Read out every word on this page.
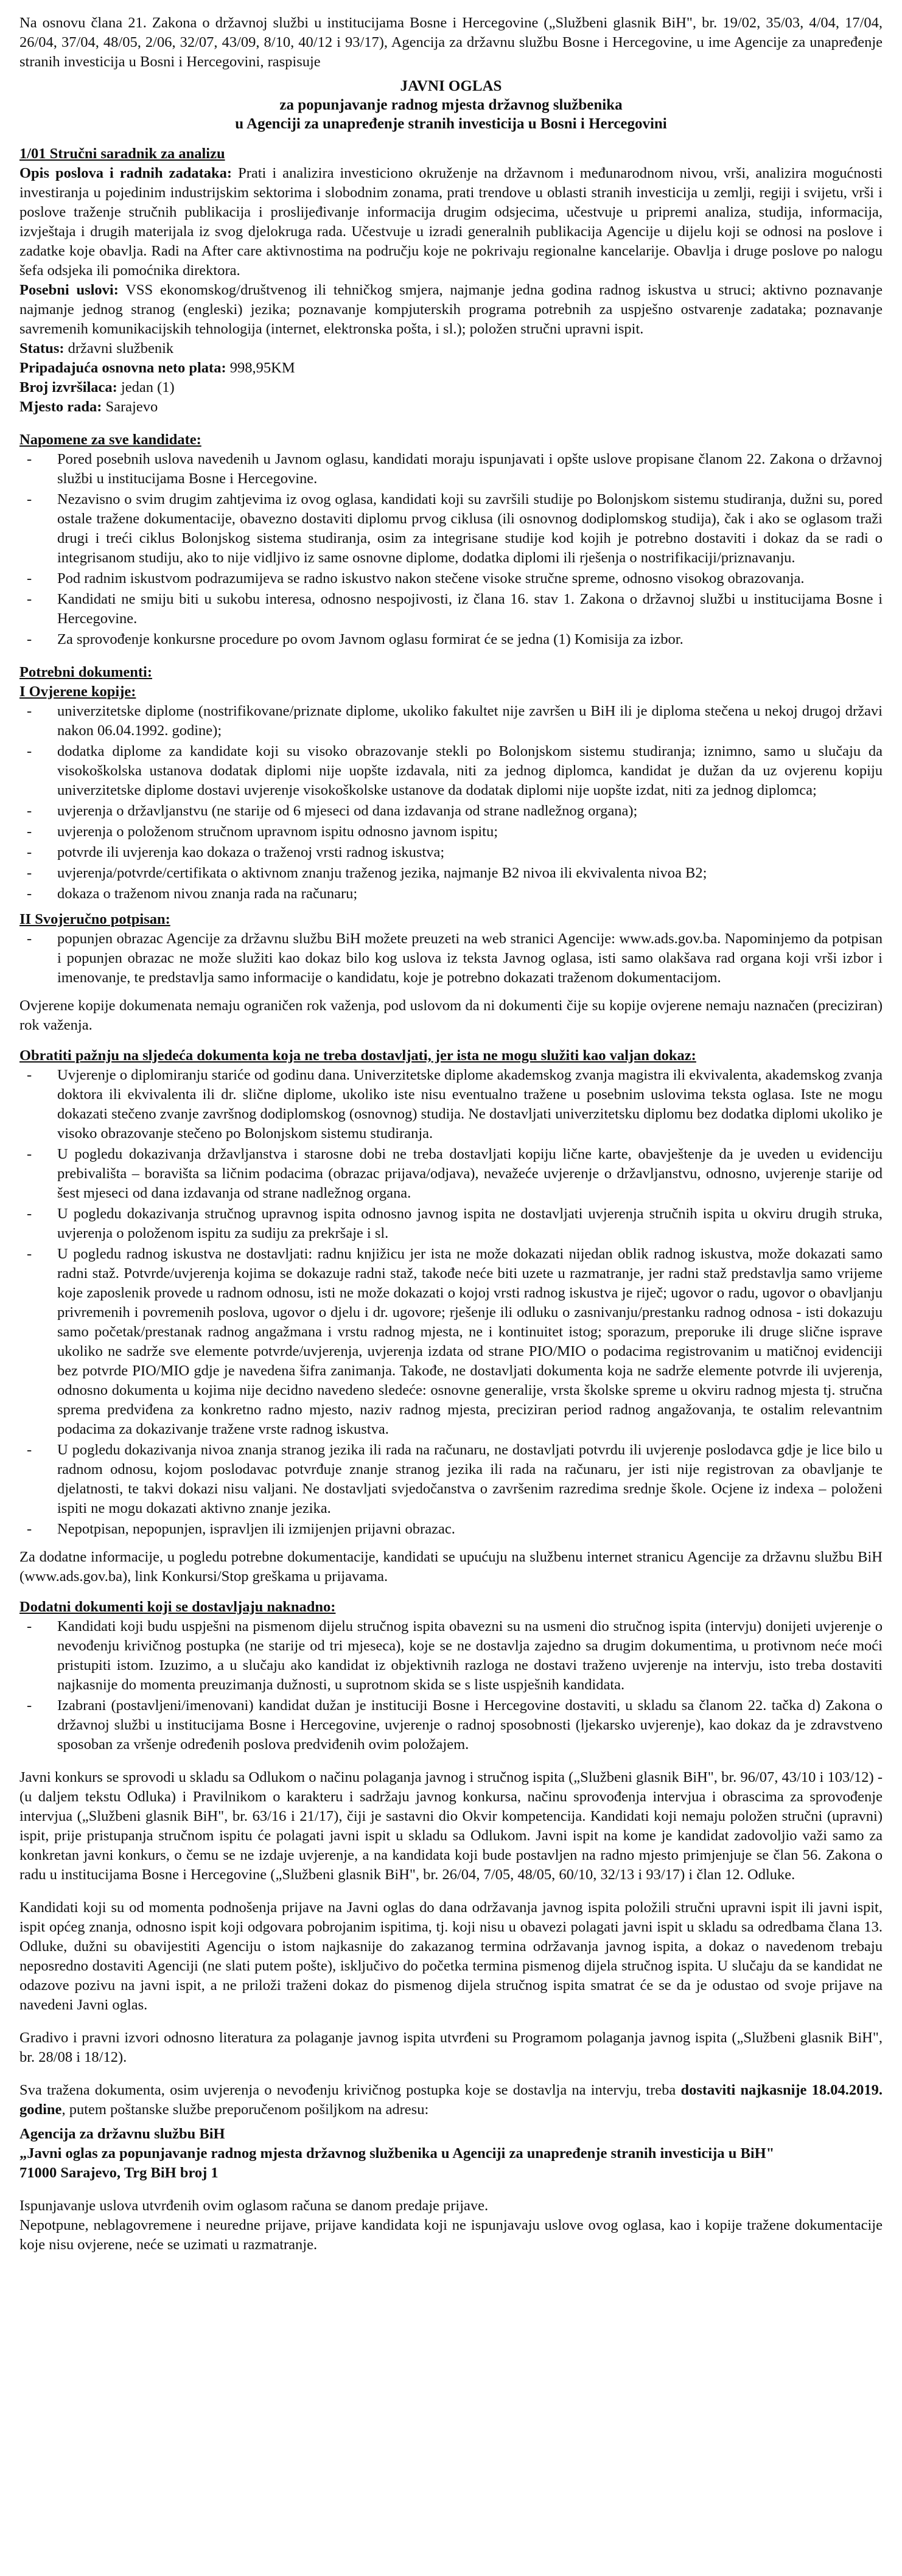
Na osnovu člana 21. Zakona o državnoj službi u institucijama Bosne i Hercegovine („Službeni glasnik BiH", br. 19/02, 35/03, 4/04, 17/04, 26/04, 37/04, 48/05, 2/06, 32/07, 43/09, 8/10, 40/12 i 93/17), Agencija za državnu službu Bosne i Hercegovine, u ime Agencije za unapređenje stranih investicija u Bosni i Hercegovini, raspisuje

JAVNI OGLAS

za popunjavanje radnog mjesta državnog službenika

u Agenciji za unapređenje stranih investicija u Bosni i Hercegovini

1/01 Stručni saradnik za analizu

Opis poslova i radnih zadataka: Prati i analizira investiciono okruženje na državnom i međunarodnom nivou, vrši, analizira mogućnosti investiranja u pojedinim industrijskim sektorima i slobodnim zonama, prati trendove u oblasti stranih investicija u zemlji, regiji i svijetu, vrši i poslove traženje stručnih publikacija i proslijeđivanje informacija drugim odsjecima, učestvuje u pripremi analiza, studija, informacija, izvještaja i drugih materijala iz svog djelokruga rada. Učestvuje u izradi generalnih publikacija Agencije u dijelu koji se odnosi na poslove i zadatke koje obavlja. Radi na After care aktivnostima na području koje ne pokrivaju regionalne kancelarije. Obavlja i druge poslove po nalogu šefa odsjeka ili pomoćnika direktora.

Posebni uslovi: VSS ekonomskog/društvenog ili tehničkog smjera, najmanje jedna godina radnog iskustva u struci; aktivno poznavanje najmanje jednog stranog (engleski) jezika; poznavanje kompjuterskih programa potrebnih za uspješno ostvarenje zadataka; poznavanje savremenih komunikacijskih tehnologija (internet, elektronska pošta, i sl.); položen stručni upravni ispit.

Status: državni službenik

Pripadajuća osnovna neto plata: 998,95KM

Broj izvršilaca: jedan (1)

Mjesto rada: Sarajevo

Napomene za sve kandidate:

- Pored posebnih uslova navedenih u Javnom oglasu, kandidati moraju ispunjavati i opšte uslove propisane članom 22. Zakona o državnoj službi u institucijama Bosne i Hercegovine.
- Nezavisno o svim drugim zahtjevima iz ovog oglasa, kandidati koji su završili studije po Bolonjskom sistemu studiranja, dužni su, pored ostale tražene dokumentacije, obavezno dostaviti diplomu prvog ciklusa (ili osnovnog dodiplomskog studija), čak i ako se oglasom traži drugi i treći ciklus Bolonjskog sistema studiranja, osim za integrisane studije kod kojih je potrebno dostaviti i dokaz da se radi o integrisanom studiju, ako to nije vidljivo iz same osnovne diplome, dodatka diplomi ili rješenja o nostrifikaciji/priznavanju.
- Pod radnim iskustvom podrazumijeva se radno iskustvo nakon stečene visoke stručne spreme, odnosno visokog obrazovanja.
- Kandidati ne smiju biti u sukobu interesa, odnosno nespojivosti, iz člana 16. stav 1. Zakona o državnoj službi u institucijama Bosne i Hercegovine.
- Za sprovođenje konkursne procedure po ovom Javnom oglasu formirat će se jedna (1) Komisija za izbor.

Potrebni dokumenti:

I Ovjerene kopije:

- univerzitetske diplome (nostrifikovane/priznate diplome, ukoliko fakultet nije završen u BiH ili je diploma stečena u nekoj drugoj državi nakon 06.04.1992. godine);
- dodatka diplome za kandidate koji su visoko obrazovanje stekli po Bolonjskom sistemu studiranja; iznimno, samo u slučaju da visokoškolska ustanova dodatak diplomi nije uopšte izdavala, niti za jednog diplomca, kandidat je dužan da uz ovjerenu kopiju univerzitetske diplome dostavi uvjerenje visokoškolske ustanove da dodatak diplomi nije uopšte izdat, niti za jednog diplomca;
- uvjerenja o državljanstvu (ne starije od 6 mjeseci od dana izdavanja od strane nadležnog organa);
- uvjerenja o položenom stručnom upravnom ispitu odnosno javnom ispitu;
- potvrde ili uvjerenja kao dokaza o traženoj vrsti radnog iskustva;
- uvjerenja/potvrde/certifikata o aktivnom znanju traženog jezika, najmanje B2 nivoa ili ekvivalenta nivoa B2;
- dokaza o traženom nivou znanja rada na računaru;

II Svojeručno potpisan:

- popunjen obrazac Agencije za državnu službu BiH možete preuzeti na web stranici Agencije: www.ads.gov.ba. Napominjemo da potpisan i popunjen obrazac ne može služiti kao dokaz bilo kog uslova iz teksta Javnog oglasa, isti samo olakšava rad organa koji vrši izbor i imenovanje, te predstavlja samo informacije o kandidatu, koje je potrebno dokazati traženom dokumentacijom.

Ovjerene kopije dokumenata nemaju ograničen rok važenja, pod uslovom da ni dokumenti čije su kopije ovjerene nemaju naznačen (preciziran) rok važenja.

Obratiti pažnju na sljedeća dokumenta koja ne treba dostavljati, jer ista ne mogu služiti kao valjan dokaz:

- Uvjerenje o diplomiranju stariće od godinu dana. Univerzitetske diplome akademskog zvanja magistra ili ekvivalenta, akademskog zvanja doktora ili ekvivalenta ili dr. slične diplome, ukoliko iste nisu eventualno tražene u posebnim uslovima teksta oglasa. Iste ne mogu dokazati stečeno zvanje završnog dodiplomskog (osnovnog) studija. Ne dostavljati univerzitetsku diplomu bez dodatka diplomi ukoliko je visoko obrazovanje stečeno po Bolonjskom sistemu studiranja.
- U pogledu dokazivanja državljanstva i starosne dobi ne treba dostavljati kopiju lične karte, obavještenje da je uveden u evidenciju prebivališta – boravišta sa ličnim podacima (obrazac prijava/odjava), nevažeće uvjerenje o državljanstvu, odnosno, uvjerenje starije od šest mjeseci od dana izdavanja od strane nadležnog organa.
- U pogledu dokazivanja stručnog upravnog ispita odnosno javnog ispita ne dostavljati uvjerenja stručnih ispita u okviru drugih struka, uvjerenja o položenom ispitu za sudiju za prekršaje i sl.
- U pogledu radnog iskustva ne dostavljati: radnu knjižicu jer ista ne može dokazati nijedan oblik radnog iskustva, može dokazati samo radni staž. Potvrde/uvjerenja kojima se dokazuje radni staž, takođe neće biti uzete u razmatranje, jer radni staž predstavlja samo vrijeme koje zaposlenik provede u radnom odnosu, isti ne može dokazati o kojoj vrsti radnog iskustva je riječ; ugovor o radu, ugovor o obavljanju privremenih i povremenih poslova, ugovor o djelu i dr. ugovore; rješenje ili odluku o zasnivanju/prestanku radnog odnosa - isti dokazuju samo početak/prestanak radnog angažmana i vrstu radnog mjesta, ne i kontinuitet istog; sporazum, preporuke ili druge slične isprave ukoliko ne sadrže sve elemente potvrde/uvjerenja, uvjerenja izdata od strane PIO/MIO o podacima registrovanim u matičnoj evidenciji bez potvrde PIO/MIO gdje je navedena šifra zanimanja. Takođe, ne dostavljati dokumenta koja ne sadrže elemente potvrde ili uvjerenja, odnosno dokumenta u kojima nije decidno navedeno sledeće: osnovne generalije, vrsta školske spreme u okviru radnog mjesta tj. stručna sprema predviđena za konkretno radno mjesto, naziv radnog mjesta, preciziran period radnog angažovanja, te ostalim relevantnim podacima za dokazivanje tražene vrste radnog iskustva.
- U pogledu dokazivanja nivoa znanja stranog jezika ili rada na računaru, ne dostavljati potvrdu ili uvjerenje poslodavca gdje je lice bilo u radnom odnosu, kojom poslodavac potvrđuje znanje stranog jezika ili rada na računaru, jer isti nije registrovan za obavljanje te djelatnosti, te takvi dokazi nisu valjani. Ne dostavljati svjedočanstva o završenim razredima srednje škole. Ocjene iz indexa – položeni ispiti ne mogu dokazati aktivno znanje jezika.
- Nepotpisan, nepopunjen, ispravljen ili izmijenjen prijavni obrazac.

Za dodatne informacije, u pogledu potrebne dokumentacije, kandidati se upućuju na službenu internet stranicu Agencije za državnu službu BiH (www.ads.gov.ba), link Konkursi/Stop greškama u prijavama.

Dodatni dokumenti koji se dostavljaju naknadno:

- Kandidati koji budu uspješni na pismenom dijelu stručnog ispita obavezni su na usmeni dio stručnog ispita (intervju) donijeti uvjerenje o nevođenju krivičnog postupka (ne starije od tri mjeseca), koje se ne dostavlja zajedno sa drugim dokumentima, u protivnom neće moći pristupiti istom. Izuzimo, a u slučaju ako kandidat iz objektivnih razloga ne dostavi traženo uvjerenje na intervju, isto treba dostaviti najkasnije do momenta preuzimanja dužnosti, u suprotnom skida se s liste uspješnih kandidata.
- Izabrani (postavljeni/imenovani) kandidat dužan je instituciji Bosne i Hercegovine dostaviti, u skladu sa članom 22. tačka d) Zakona o državnoj službi u institucijama Bosne i Hercegovine, uvjerenje o radnoj sposobnosti (ljekarsko uvjerenje), kao dokaz da je zdravstveno sposoban za vršenje određenih poslova predviđenih ovim položajem.

Javni konkurs se sprovodi u skladu sa Odlukom o načinu polaganja javnog i stručnog ispita („Službeni glasnik BiH", br. 96/07, 43/10 i 103/12) - (u daljem tekstu Odluka) i Pravilnikom o karakteru i sadržaju javnog konkursa, načinu sprovođenja intervjua i obrascima za sprovođenje intervjua („Službeni glasnik BiH", br. 63/16 i 21/17), čiji je sastavni dio Okvir kompetencija. Kandidati koji nemaju položen stručni (upravni) ispit, prije pristupanja stručnom ispitu će polagati javni ispit u skladu sa Odlukom. Javni ispit na kome je kandidat zadovoljio važi samo za konkretan javni konkurs, o čemu se ne izdaje uvjerenje, a na kandidata koji bude postavljen na radno mjesto primjenjuje se član 56. Zakona o radu u institucijama Bosne i Hercegovine („Službeni glasnik BiH", br. 26/04, 7/05, 48/05, 60/10, 32/13 i 93/17) i član 12. Odluke.

Kandidati koji su od momenta podnošenja prijave na Javni oglas do dana održavanja javnog ispita položili stručni upravni ispit ili javni ispit, ispit općeg znanja, odnosno ispit koji odgovara pobrojanim ispitima, tj. koji nisu u obavezi polagati javni ispit u skladu sa odredbama člana 13. Odluke, dužni su obavijestiti Agenciju o istom najkasnije do zakazanog termina održavanja javnog ispita, a dokaz o navedenom trebaju neposredno dostaviti Agenciji (ne slati putem pošte), isključivo do početka termina pismenog dijela stručnog ispita. U slučaju da se kandidat ne odazove pozivu na javni ispit, a ne priloži traženi dokaz do pismenog dijela stručnog ispita smatrat će se da je odustao od svoje prijave na navedeni Javni oglas.

Gradivo i pravni izvori odnosno literatura za polaganje javnog ispita utvrđeni su Programom polaganja javnog ispita („Službeni glasnik BiH", br. 28/08 i 18/12).

Sva tražena dokumenta, osim uvjerenja o nevođenju krivičnog postupka koje se dostavlja na intervju, treba dostaviti najkasnije 18.04.2019. godine, putem poštanske službe preporučenom pošiljkom na adresu:

Agencija za državnu službu BiH

„Javni oglas za popunjavanje radnog mjesta državnog službenika u Agenciji za unapređenje stranih investicija u BiH"

71000 Sarajevo, Trg BiH broj 1

Ispunjavanje uslova utvrđenih ovim oglasom računa se danom predaje prijave.

Nepotpune, neblagovremene i neuredne prijave, prijave kandidata koji ne ispunjavaju uslove ovog oglasa, kao i kopije tražene dokumentacije koje nisu ovjerene, neće se uzimati u razmatranje.
